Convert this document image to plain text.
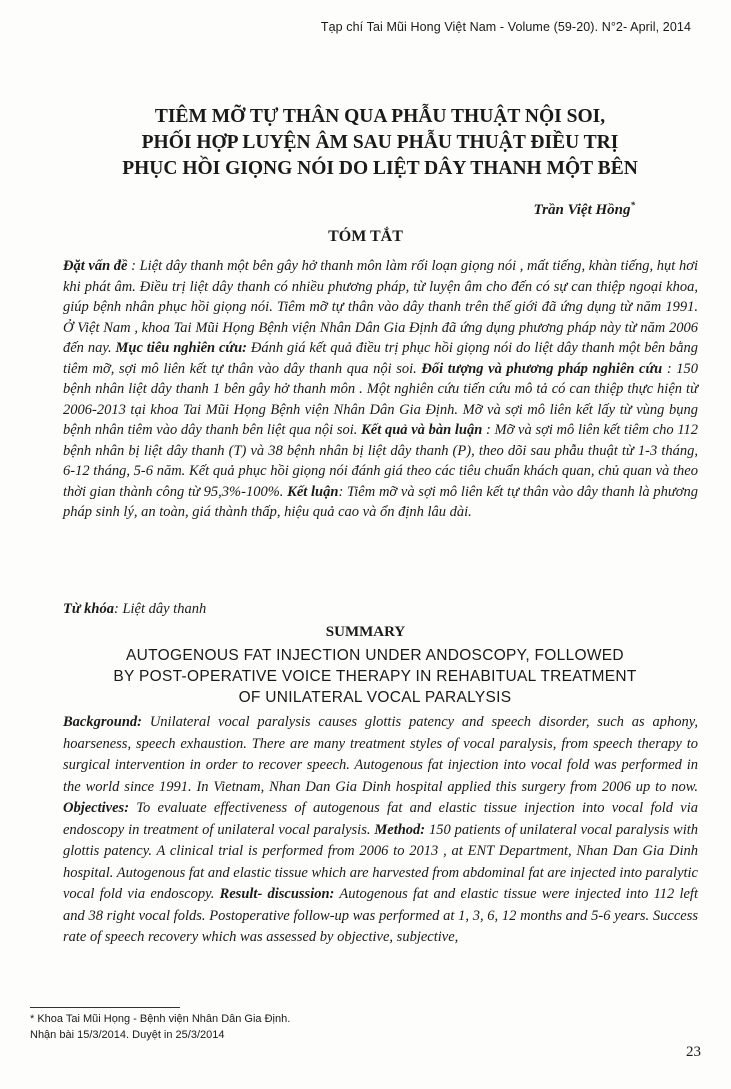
Tạp chí Tai Mũi Hong Việt Nam - Volume (59-20). N°2- April, 2014
TIÊM MỠ TỰ THÂN QUA PHẪU THUẬT NỘI SOI,
PHỐI HỢP LUYỆN ÂM SAU PHẪU THUẬT ĐIỀU TRỊ
PHỤC HỒI GIỌNG NÓI DO LIỆT DÂY THANH MỘT BÊN
Trần Việt Hồng*
TÓM TẮT

Đặt vấn đề : Liệt dây thanh một bên gây hở thanh môn làm rối loạn giọng nói , mất tiếng, khàn tiếng, hụt hơi khi phát âm. Điều trị liệt dây thanh có nhiều phương pháp, từ luyện âm cho đến có sự can thiệp ngoại khoa, giúp bệnh nhân phục hồi giọng nói. Tiêm mỡ tự thân vào dây thanh trên thế giới đã ứng dụng từ năm 1991. Ở Việt Nam , khoa Tai Mũi Họng Bệnh viện Nhân Dân Gia Định đã ứng dụng phương pháp này từ năm 2006 đến nay. Mục tiêu nghiên cứu: Đánh giá kết quả điều trị phục hồi giọng nói do liệt dây thanh một bên bằng tiêm mỡ, sợi mô liên kết tự thân vào dây thanh qua nội soi. Đối tượng và phương pháp nghiên cứu : 150 bệnh nhân liệt dây thanh 1 bên gây hở thanh môn . Một nghiên cứu tiến cứu mô tả có can thiệp thực hiện từ 2006-2013 tại khoa Tai Mũi Họng Bệnh viện Nhân Dân Gia Định. Mỡ và sợi mô liên kết lấy từ vùng bụng bệnh nhân tiêm vào dây thanh bên liệt qua nội soi. Kết quả và bàn luận : Mỡ và sợi mô liên kết tiêm cho 112 bệnh nhân bị liệt dây thanh (T) và 38 bệnh nhân bị liệt dây thanh (P), theo dõi sau phẫu thuật từ 1-3 tháng, 6-12 tháng, 5-6 năm. Kết quả phục hồi giọng nói đánh giá theo các tiêu chuẩn khách quan, chủ quan và theo thời gian thành công từ 95,3%-100%. Kết luận: Tiêm mỡ và sợi mô liên kết tự thân vào dây thanh là phương pháp sinh lý, an toàn, giá thành thấp, hiệu quả cao và ổn định lâu dài.

Từ khóa: Liệt dây thanh
SUMMARY
AUTOGENOUS FAT INJECTION UNDER ANDOSCOPY, FOLLOWED
BY POST-OPERATIVE VOICE THERAPY IN REHABITUAL TREATMENT
OF UNILATERAL VOCAL PARALYSIS

Background: Unilateral vocal paralysis causes glottis patency and speech disorder, such as aphony, hoarseness, speech exhaustion. There are many treatment styles of vocal paralysis, from speech therapy to surgical intervention in order to recover speech. Autogenous fat injection into vocal fold was performed in the world since 1991. In Vietnam, Nhan Dan Gia Dinh hospital applied this surgery from 2006 up to now. Objectives: To evaluate effectiveness of autogenous fat and elastic tissue injection into vocal fold via endoscopy in treatment of unilateral vocal paralysis. Method: 150 patients of unilateral vocal paralysis with glottis patency. A clinical trial is performed from 2006 to 2013 , at ENT Department, Nhan Dan Gia Dinh hospital. Autogenous fat and elastic tissue which are harvested from abdominal fat are injected into paralytic vocal fold via endoscopy. Result- discussion: Autogenous fat and elastic tissue were injected into 112 left and 38 right vocal folds. Postoperative follow-up was performed at 1, 3, 6, 12 months and 5-6 years. Success rate of speech recovery which was assessed by objective, subjective,

* Khoa Tai Mũi Họng - Bệnh viện Nhân Dân Gia Định.
Nhận bài 15/3/2014. Duyệt in 25/3/2014
23
